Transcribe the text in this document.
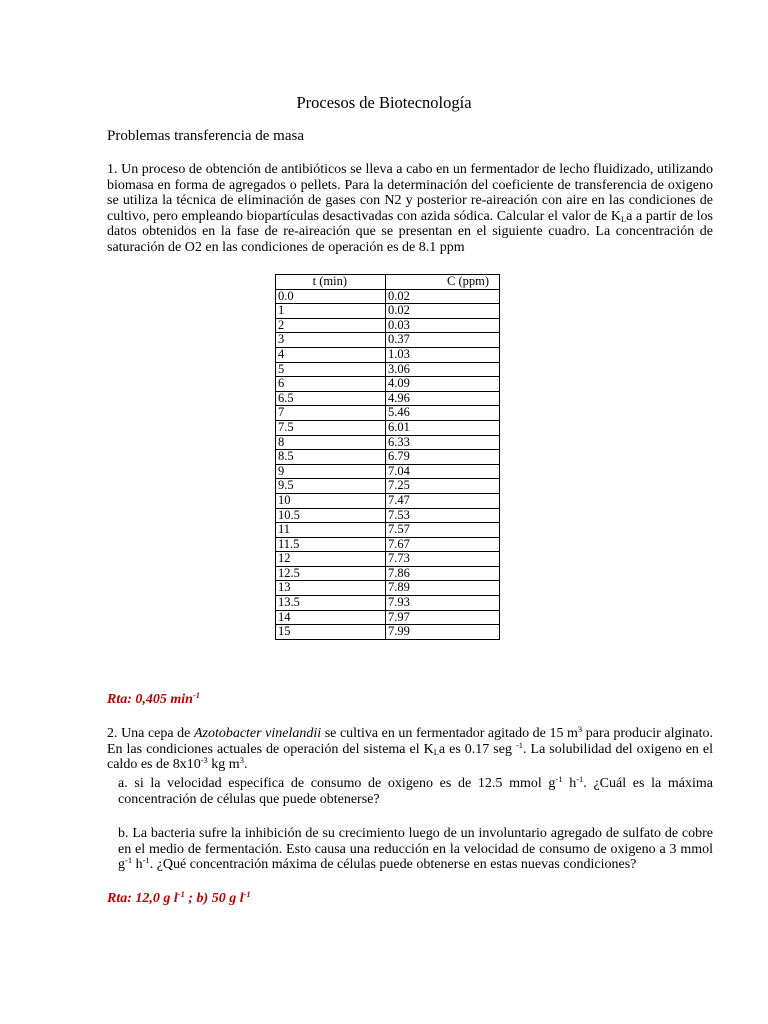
Procesos de Biotecnología
Problemas transferencia de masa

1. Un proceso de obtención de antibióticos se lleva a cabo en un fermentador de lecho fluidizado, utilizando biomasa en forma de agregados o pellets. Para la determinación del coeficiente de transferencia de oxigeno se utiliza la técnica de eliminación de gases con N2 y posterior re-aireación con aire en las condiciones de cultivo, pero empleando biopartículas desactivadas con azida sódica. Calcular el valor de $K_La$ a partir de los datos obtenidos en la fase de re-aireación que se presentan en el siguiente cuadro. La concentración de saturación de O2 en las condiciones de operación es de 8.1 ppm

t (min)	C (ppm)
0.0	0.02
1	0.02
2	0.03
3	0.37
4	1.03
5	3.06
6	4.09
6.5	4.96
7	5.46
7.5	6.01
8	6.33
8.5	6.79
9	7.04
9.5	7.25
10	7.47
10.5	7.53
11	7.57
11.5	7.67
12	7.73
12.5	7.86
13	7.89
13.5	7.93
14	7.97
15	7.99
Rta: 0,405 $\min^{-1}$

2. Una cepa de Azotobacter vinelandii se cultiva en un fermentador agitado de 15 $m^3$ para producir alginato. En las condiciones actuales de operación del sistema el $K_La$ es 0.17 seg $^{-1}$. La solubilidad del oxigeno en el caldo es de $8x10^{-3}$ kg $m^3$.

a. si la velocidad especifica de consumo de oxigeno es de 12.5 mmol $g^{-1}$ $h^{-1}$. ¿Cuál es la máxima concentración de células que puede obtenerse?

b. La bacteria sufre la inhibición de su crecimiento luego de un involuntario agregado de sulfato de cobre en el medio de fermentación. Esto causa una reducción en la velocidad de consumo de oxigeno a 3 mmol $g^{-1}$ $h^{-1}$. ¿Qué concentración máxima de células puede obtenerse en estas nuevas condiciones?

Rta: 12,0 g $l^{-1}$ ; b) 50 g $l^{-1}$
